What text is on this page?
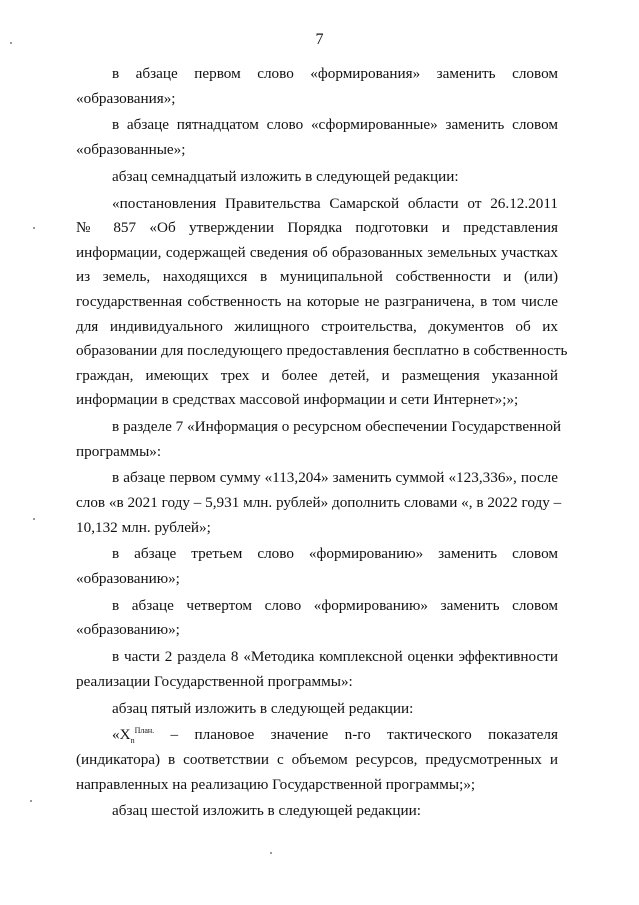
7

в абзаце первом слово «формирования» заменить словом
«образования»;

в абзаце пятнадцатом слово «сформированные» заменить словом
«образованные»;

абзац семнадцатый изложить в следующей редакции:

«постановления Правительства Самарской области от 26.12.2011
№ 857 «Об утверждении Порядка подготовки и представления
информации, содержащей сведения об образованных земельных участках
из земель, находящихся в муниципальной собственности и (или)
государственная собственность на которые не разграничена, в том числе
для индивидуального жилищного строительства, документов об их
образовании для последующего предоставления бесплатно в собственность
граждан, имеющих трех и более детей, и размещения указанной
информации в средствах массовой информации и сети Интернет»;»;

в разделе 7 «Информация о ресурсном обеспечении Государственной
программы»:

в абзаце первом сумму «113,204» заменить суммой «123,336», после
слов «в 2021 году – 5,931 млн. рублей» дополнить словами «, в 2022 году –
10,132 млн. рублей»;

в абзаце третьем слово «формированию» заменить словом
«образованию»;

в абзаце четвертом слово «формированию» заменить словом
«образованию»;

в части 2 раздела 8 «Методика комплексной оценки эффективности
реализации Государственной программы»:

абзац пятый изложить в следующей редакции:

«$X_n^{План.}$ – плановое значение n-го тактического показателя
(индикатора) в соответствии с объемом ресурсов, предусмотренных и
направленных на реализацию Государственной программы;»;

абзац шестой изложить в следующей редакции:
